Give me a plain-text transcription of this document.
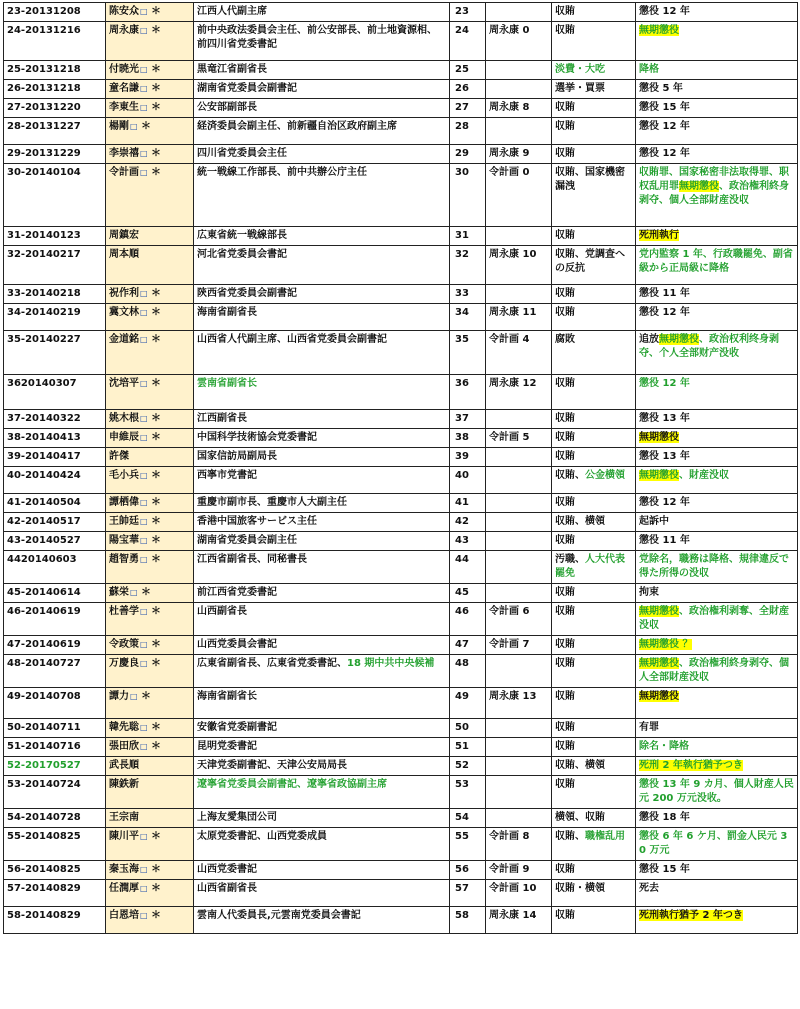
23-20131208	陈安众□ ＊	江西人代副主席	23		収賄	懲役 12 年
24-20131216	周永康□ ＊	前中央政法委員会主任、前公安部長、前土地資源相、前四川省党委書記	24	周永康 0	収賄	無期懲役
25-20131218	付暁光□ ＊	黒竜江省副省長	25		淡費・大吃	降格
26-20131218	童名謙□ ＊	湖南省党委員会副書記	26		選挙・買票	懲役 5 年
27-20131220	李東生□ ＊	公安部副部長	27	周永康 8	収賄	懲役 15 年
28-20131227	楊剛□ ＊	経済委員会副主任、前新疆自治区政府副主席	28		収賄	懲役 12 年
29-20131229	李崇禧□ ＊	四川省党委員会主任	29	周永康 9	収賄	懲役 12 年
30-20140104	令計画□ ＊	統一戦線工作部長、前中共辦公庁主任	30	令計画 0	収賄、国家機密漏洩	収賄罪、国家秘密非法取得罪、职权乱用罪無期懲役、政治権利終身剥夺、個人全部財産没収
31-20140123	周鎮宏	広東省統一戦線部長	31		収賄	死刑執行
32-20140217	周本順	河北省党委員会書記	32	周永康 10	収賄、党調査への反抗	党内監察 1 年、行政職罷免、副省級から正局級に降格
33-20140218	祝作利□ ＊	陝西省党委員会副書記	33		収賄	懲役 11 年
34-20140219	冀文林□ ＊	海南省副省長	34	周永康 11	収賄	懲役 12 年
35-20140227	金道銘□ ＊	山西省人代副主席、山西省党委員会副書記	35	令計画 4	腐敗	追放無期懲役、政治权利终身剥夺、个人全部财产没收
3620140307	沈培平□ ＊	雲南省副省长	36	周永康 12	収賄	懲役 12 年
37-20140322	姚木根□ ＊	江西副省長	37		収賄	懲役 13 年
38-20140413	申維辰□ ＊	中国科学技術協会党委書記	38	令計画 5	収賄	無期懲役
39-20140417	許傑	国家信訪局副局長	39		収賄	懲役 13 年
40-20140424	毛小兵□ ＊	西寧市党書記	40		収賄、公金横領	無期懲役、財産没収
41-20140504	譚栖偉□ ＊	重慶市副市長、重慶市人大副主任	41		収賄	懲役 12 年
42-20140517	王帥廷□ ＊	香港中国旅客サービス主任	42		収賄、横領	起訴中
43-20140527	陽宝華□ ＊	湖南省党委員会副主任	43		収賄	懲役 11 年
4420140603	趙智勇□ ＊	江西省副省長、同秘書長	44		汚職、人大代表罷免	党除名，職務は降格、規律違反で得た所得の没収
45-20140614	蘇栄□ ＊	前江西省党委書記	45		収賄	拘束
46-20140619	杜善学□ ＊	山西副省長	46	令計画 6	収賄	無期懲役、政治権利剥奪、全財産没収
47-20140619	令政策□ ＊	山西党委員会書記	47	令計画 7	収賄	無期懲役 ？
48-20140727	万慶良□ ＊	広東省副省長、広東省党委書記、18 期中共中央候補	48		収賄	無期懲役、政治権利終身剥夺、個人全部財産没収
49-20140708	譚力□ ＊	海南省副省长	49	周永康 13	収賄	無期懲役
50-20140711	韓先聡□ ＊	安徽省党委副書記	50		収賄	有罪
51-20140716	張田欣□ ＊	昆明党委書記	51		収賄	除名・降格
52-20170527	武長順	天津党委副書記、天津公安局局長	52		収賄、横領	死刑 2 年執行猶予つき
53-20140724	陳鉄新	遼寧省党委員会副書記、遼寧省政協副主席	53		収賄	懲役 13 年 9 カ月、個人財産人民元 200 万元没收。
54-20140728	王宗南	上海友愛集団公司	54		横領、収賄	懲役 18 年
55-20140825	陳川平□ ＊	太原党委書記、山西党委成員	55	令計画 8	収賄、職権乱用	懲役 6 年 6 ケ月、罰金人民元 30 万元
56-20140825	秦玉海□ ＊	山西党委書記	56	令計画 9	収賄	懲役 15 年
57-20140829	任潤厚□ ＊	山西省副省長	57	令計画 10	収賄・横領	死去
58-20140829	白恩培□ ＊	雲南人代委員長,元雲南党委員会書記	58	周永康 14	収賄	死刑執行猶予 2 年つき
